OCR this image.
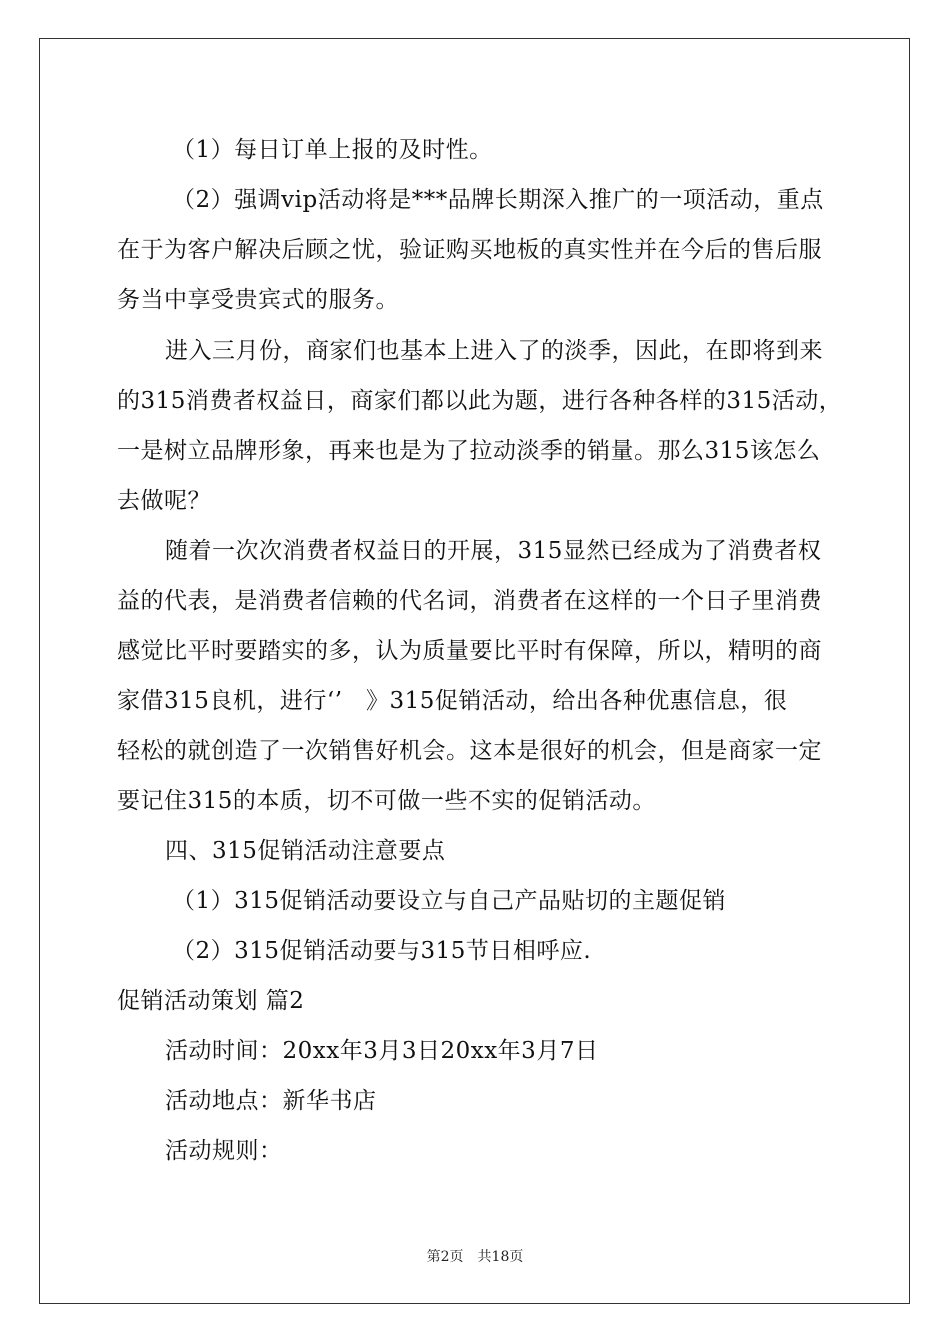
（1）每日订单上报的及时性。
（2）强调vip活动将是***品牌长期深入推广的一项活动，重点
在于为客户解决后顾之忧，验证购买地板的真实性并在今后的售后服
务当中享受贵宾式的服务。
进入三月份，商家们也基本上进入了的淡季，因此，在即将到来
的315消费者权益日，商家们都以此为题，进行各种各样的315活动，
一是树立品牌形象，再来也是为了拉动淡季的销量。那么315该怎么
去做呢？
随着一次次消费者权益日的开展，315显然已经成为了消费者权
益的代表，是消费者信赖的代名词，消费者在这样的一个日子里消费
感觉比平时要踏实的多，认为质量要比平时有保障，所以，精明的商
家借315良机，进行‘’　》315促销活动，给出各种优惠信息，很
轻松的就创造了一次销售好机会。这本是很好的机会，但是商家一定
要记住315的本质，切不可做一些不实的促销活动。
四、315促销活动注意要点
（1）315促销活动要设立与自己产品贴切的主题促销
（2）315促销活动要与315节日相呼应.
促销活动策划 篇2
活动时间：20xx年3月3日20xx年3月7日
活动地点：新华书店
活动规则：
第2页　共18页
